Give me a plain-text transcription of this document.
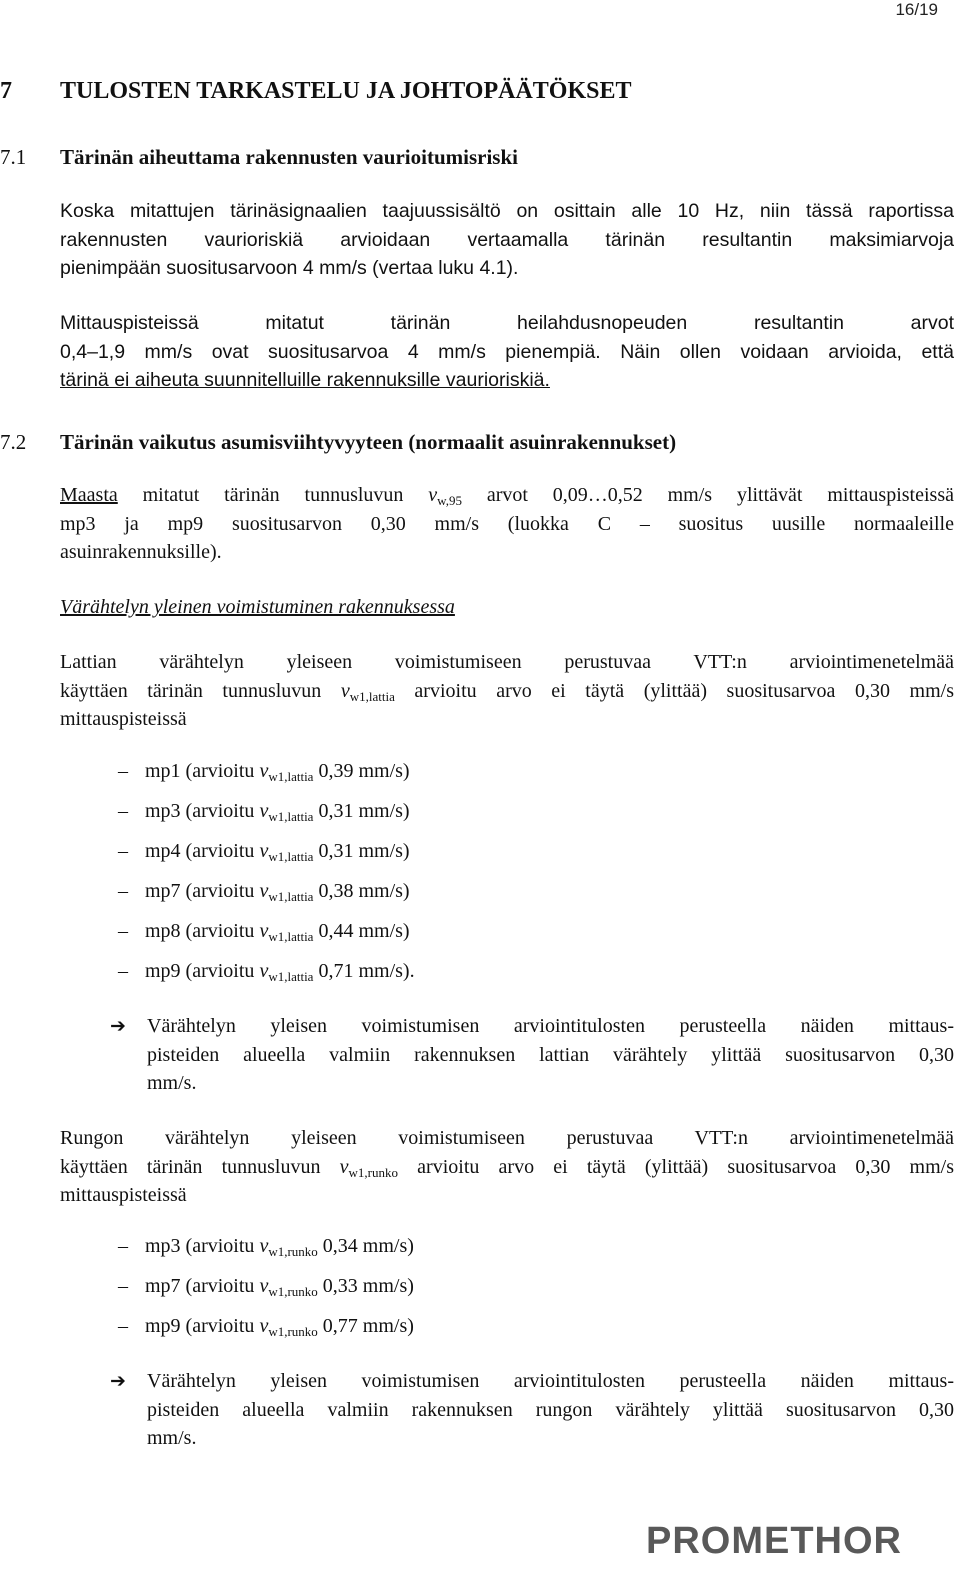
16/19
7 TULOSTEN TARKASTELU JA JOHTOPÄÄTÖKSET
7.1 Tärinän aiheuttama rakennusten vaurioitumisriski
Koska mitattujen tärinäsignaalien taajuussisältö on osittain alle 10 Hz, niin tässä raportissa
rakennusten vaurioriskiä arvioidaan vertaamalla tärinän resultantin maksimiarvoja
pienimpään suositusarvoon 4 mm/s (vertaa luku 4.1).
Mittauspisteissä mitatut tärinän heilahdusnopeuden resultantin arvot
0,4–1,9 mm/s ovat suositusarvoa 4 mm/s pienempiä. Näin ollen voidaan arvioida, että
tärinä ei aiheuta suunnitelluille rakennuksille vaurioriskiä.
7.2 Tärinän vaikutus asumisviihtyvyyteen (normaalit asuinrakennukset)
Maasta mitatut tärinän tunnusluvun $v_{w,95}$ arvot 0,09…0,52 mm/s ylittävät mittauspisteissä
mp3 ja mp9 suositusarvon 0,30 mm/s (luokka C – suositus uusille normaaleille
asuinrakennuksille).
Värähtelyn yleinen voimistuminen rakennuksessa
Lattian värähtelyn yleiseen voimistumiseen perustuvaa VTT:n arviointimenetelmää
käyttäen tärinän tunnusluvun $v_{w1,lattia}$ arvioitu arvo ei täytä (ylittää) suositusarvoa 0,30 mm/s
mittauspisteissä
– mp1 (arvioitu $v_{w1,lattia}$ 0,39 mm/s)
– mp3 (arvioitu $v_{w1,lattia}$ 0,31 mm/s)
– mp4 (arvioitu $v_{w1,lattia}$ 0,31 mm/s)
– mp7 (arvioitu $v_{w1,lattia}$ 0,38 mm/s)
– mp8 (arvioitu $v_{w1,lattia}$ 0,44 mm/s)
– mp9 (arvioitu $v_{w1,lattia}$ 0,71 mm/s).
➔ Värähtelyn yleisen voimistumisen arviointitulosten perusteella näiden mittaus-
pisteiden alueella valmiin rakennuksen lattian värähtely ylittää suositusarvon 0,30
mm/s.
Rungon värähtelyn yleiseen voimistumiseen perustuvaa VTT:n arviointimenetelmää
käyttäen tärinän tunnusluvun $v_{w1,runko}$ arvioitu arvo ei täytä (ylittää) suositusarvoa 0,30 mm/s
mittauspisteissä
– mp3 (arvioitu $v_{w1,runko}$ 0,34 mm/s)
– mp7 (arvioitu $v_{w1,runko}$ 0,33 mm/s)
– mp9 (arvioitu $v_{w1,runko}$ 0,77 mm/s)
➔ Värähtelyn yleisen voimistumisen arviointitulosten perusteella näiden mittaus-
pisteiden alueella valmiin rakennuksen rungon värähtely ylittää suositusarvon 0,30
mm/s.
PROMETHOR
